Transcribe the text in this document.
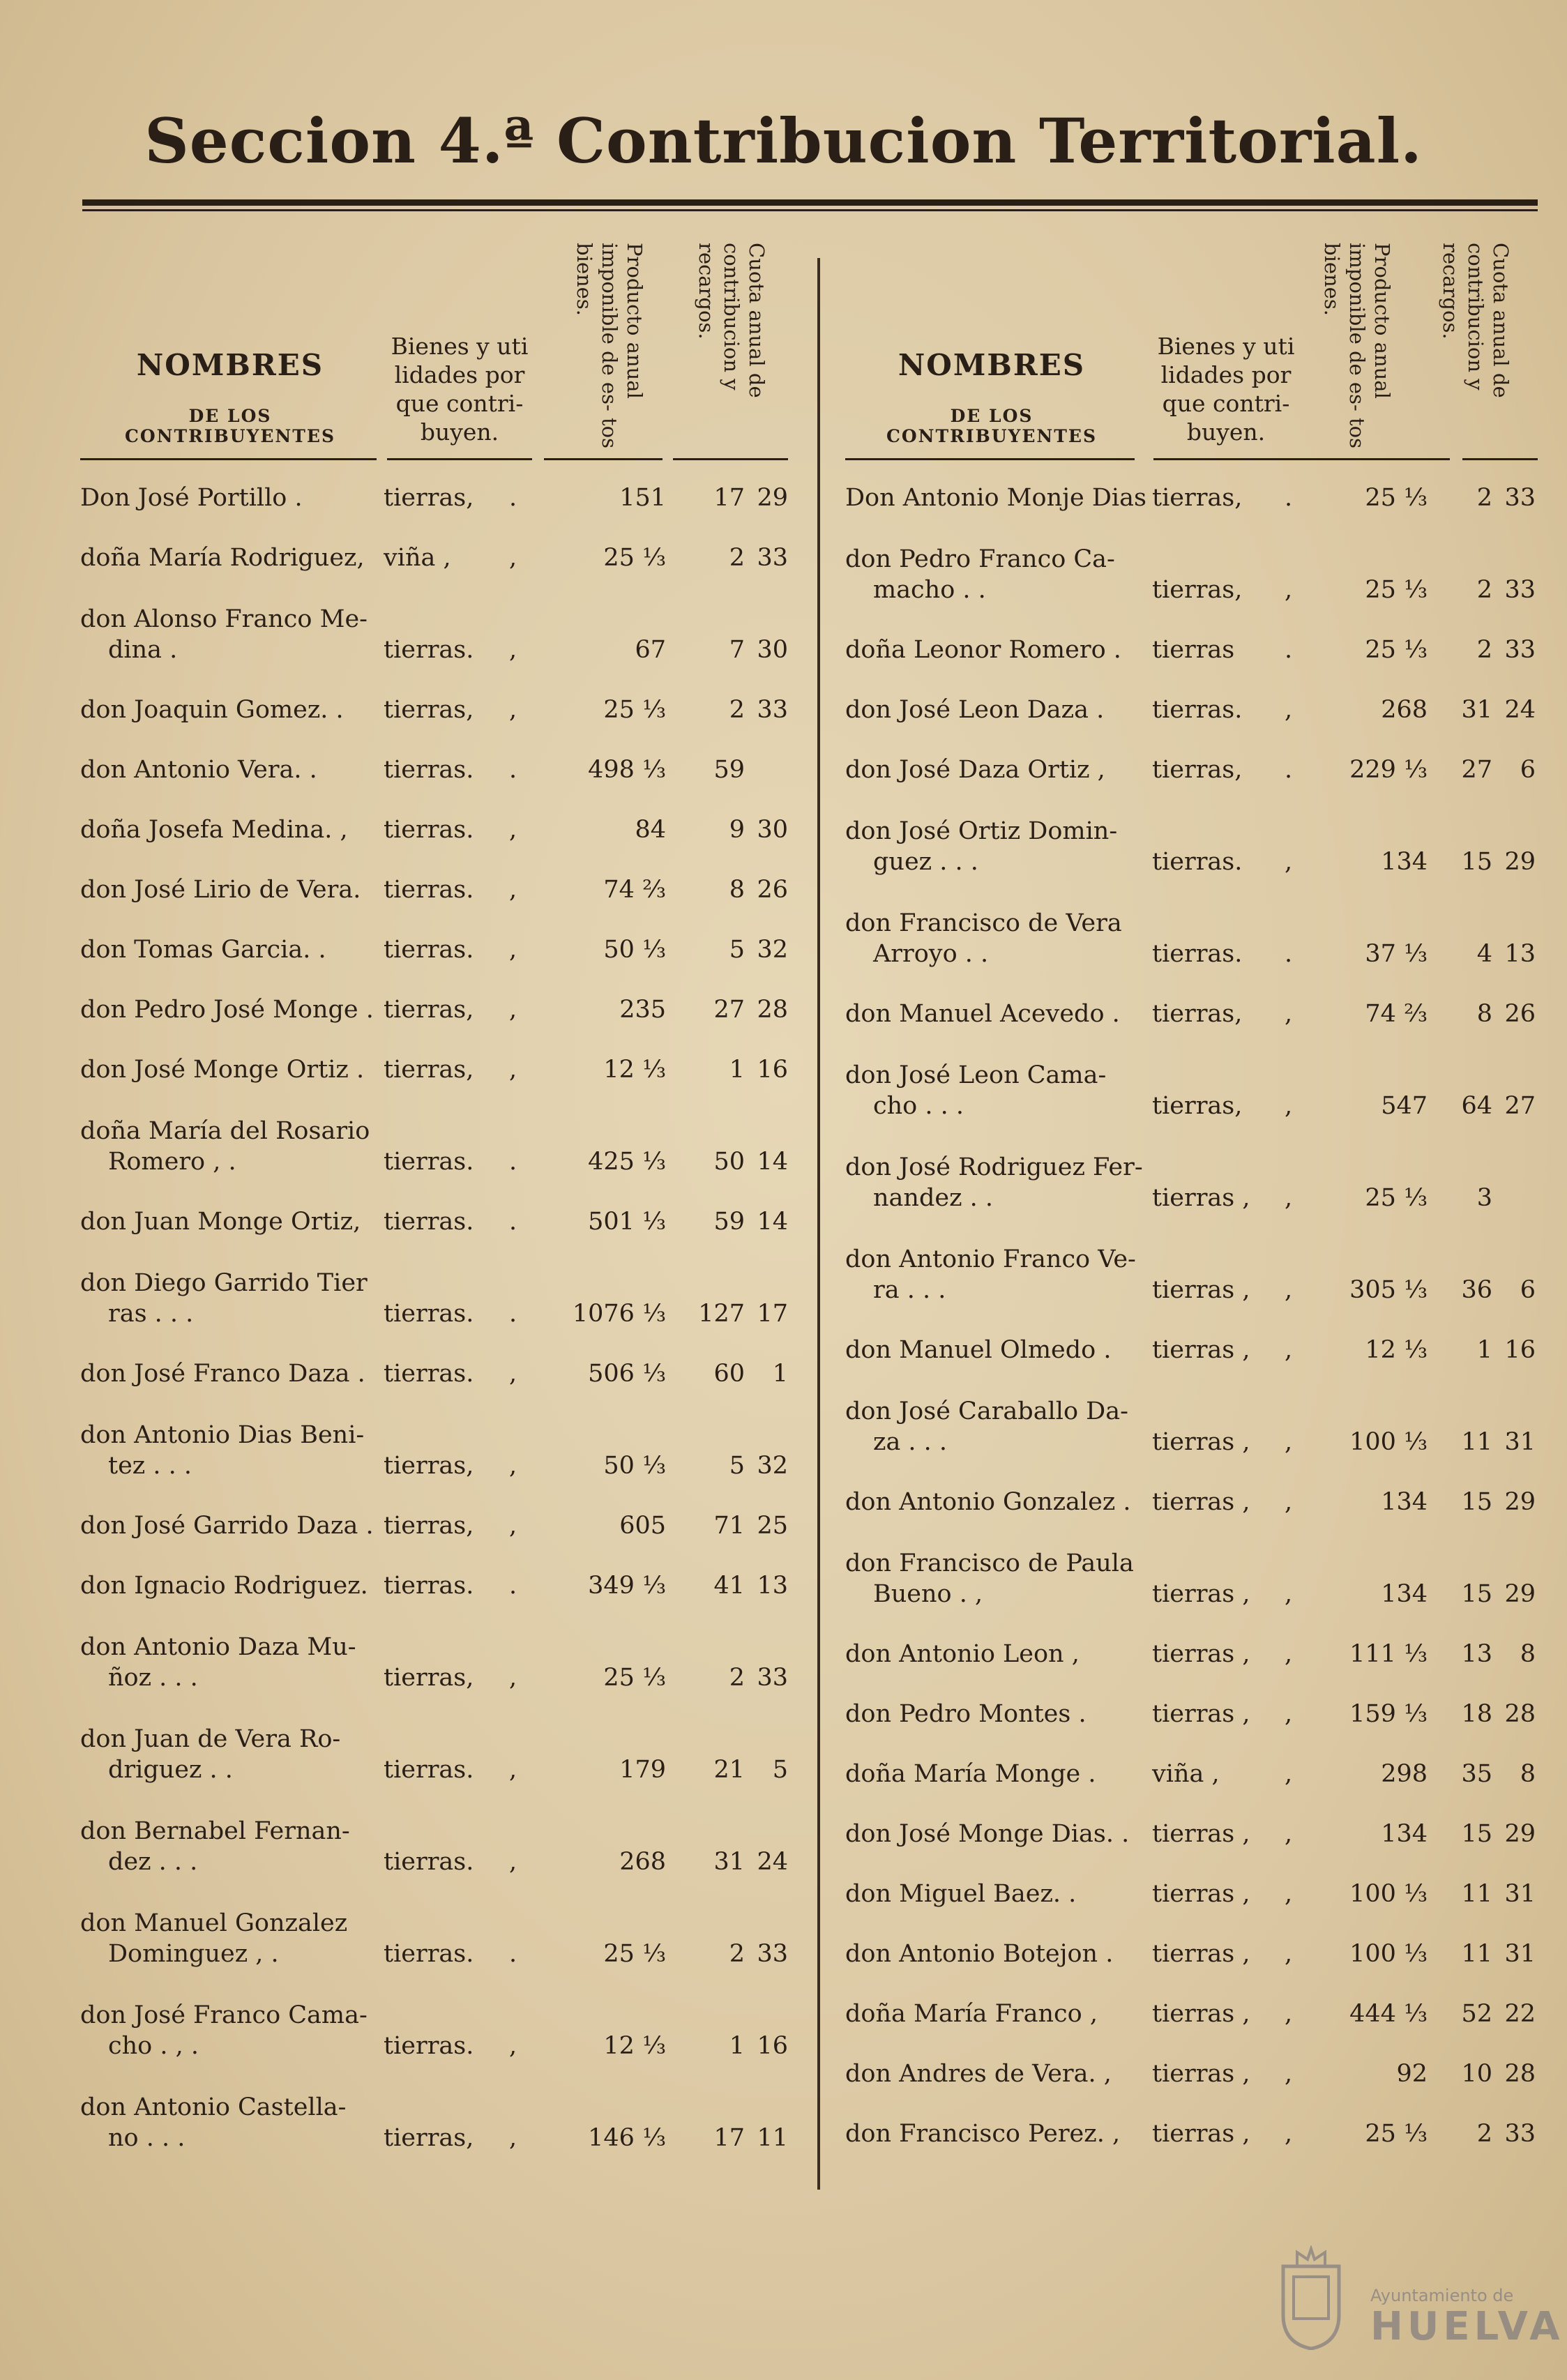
Seccion 4.ª Contribucion Territorial.
NOMBRES
DE LOS CONTRIBUYENTES
Bienes y uti lidades por que contri- buyen.
Producto anual imponible de es- tos bienes.	Cuota anual de contribucion y recargos.
Don José Portillo .	tierras,	.	151	17 29
doña María Rodriguez, viña ,	,	25 ⅓	2 33
don Alonso Franco Me-
dina .	tierras.	,	67	7 30
don Joaquin Gomez. . tierras,	,	25 ⅓	2 33
don Antonio Vera. .	tierras.	.	498 ⅓	59
doña Josefa Medina. , tierras.	,	84	9 30
don José Lirio de Vera. tierras.	,	74 ⅔	8 26
don Tomas Garcia. . tierras.	,	50 ⅓	5 32
don Pedro José Monge . tierras,	,	235	27 28
don José Monge Ortiz . tierras,	,	12 ⅓	1 16
doña María del Rosario
Romero , .	tierras.	.	425 ⅓	50 14
don Juan Monge Ortiz, tierras.	.	501 ⅓	59 14
don Diego Garrido Tier
ras . . .	tierras.	.	1076 ⅓	127 17
don José Franco Daza . tierras.	,	506 ⅓	60 1
don Antonio Dias Beni-
tez . . .	tierras,	,	50 ⅓	5 32
don José Garrido Daza . tierras,	,	605	71 25
don Ignacio Rodriguez. tierras.	.	349 ⅓	41 13
don Antonio Daza Mu-
ñoz . . .	tierras,	,	25 ⅓	2 33
don Juan de Vera Ro-
driguez . .	tierras.	,	179	21 5
don Bernabel Fernan-
dez . . .	tierras.	,	268	31 24
don Manuel Gonzalez
Dominguez , .	tierras.	.	25 ⅓	2 33
don José Franco Cama-
cho . , .	tierras.	,	12 ⅓	1 16
don Antonio Castella-
no . . .	tierras,	,	146 ⅓	17 11
NOMBRES
DE LOS CONTRIBUYENTES
Bienes y uti lidades por que contri- buyen.
Producto anual imponible de es- tos bienes.	Cuota anual de contribucion y recargos.
Don Antonio Monje Dias tierras,	.	25 ⅓	2 33
don Pedro Franco Ca-
macho . .	tierras,	,	25 ⅓	2 33
doña Leonor Romero . tierras	.	25 ⅓	2 33
don José Leon Daza . tierras.	,	268	31 24
don José Daza Ortiz , tierras,	.	229 ⅓	27 6
don José Ortiz Domin-
guez . . .	tierras.	,	134	15 29
don Francisco de Vera
Arroyo . .	tierras.	.	37 ⅓	4 13
don Manuel Acevedo . tierras,	,	74 ⅔	8 26
don José Leon Cama-
cho . . .	tierras,	,	547	64 27
don José Rodriguez Fer-
nandez . .	tierras ,	,	25 ⅓	3
don Antonio Franco Ve-
ra . . .	tierras ,	,	305 ⅓	36 6
don Manuel Olmedo . tierras ,	,	12 ⅓	1 16
don José Caraballo Da-
za . . .	tierras ,	,	100 ⅓	11 31
don Antonio Gonzalez . tierras ,	,	134	15 29
don Francisco de Paula
Bueno . ,	tierras ,	,	134	15 29
don Antonio Leon ,	tierras ,	,	111 ⅓	13 8
don Pedro Montes .	tierras ,	,	159 ⅓	18 28
doña María Monge . viña ,	,	298	35 8
don José Monge Dias. . tierras ,	,	134	15 29
don Miguel Baez. .	tierras ,	,	100 ⅓	11 31
don Antonio Botejon . tierras ,	,	100 ⅓	11 31
doña María Franco , tierras ,	,	444 ⅓	52 22
don Andres de Vera. , tierras ,	,	92	10 28
don Francisco Perez. , tierras ,	,	25 ⅓	2 33
Ayuntamiento de
HUELVA
